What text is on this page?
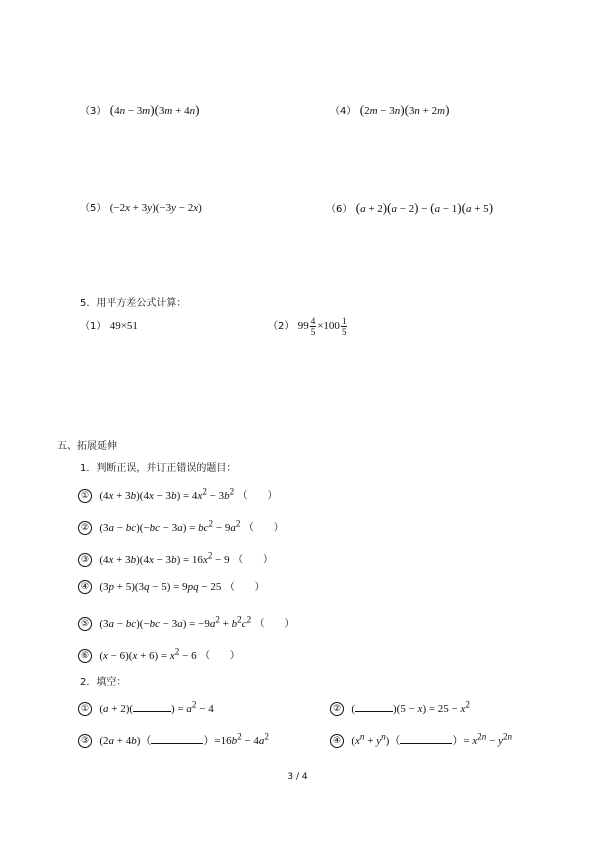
（3） (4n − 3m)(3m + 4n)	（4） (2m − 3n)(3n + 2m)
（5） (−2x + 3y)(−3y − 2x)	（6） (a + 2)(a − 2) − (a − 1)(a + 5)
5．用平方差公式计算：
（1） 49×51	（2） $99 \frac{4}{5} \times 100 \frac{1}{5}$
五、拓展延伸
1．判断正误，并订正错误的题目：
① $(4x + 3b)(4x - 3b) = 4x^2 - 3b^2$ （　　）
② $(3a - bc)(-bc - 3a) = bc^2 - 9a^2$ （　　）
③ $(4x + 3b)(4x - 3b) = 16x^2 - 9$ （　　）
④ (3p + 5)(3q − 5) = 9pq − 25 （　　）
⑤ $(3a - bc)(-bc - 3a) = -9a^2 + b^2c^2$ （　　）
⑥ $(x - 6)(x + 6) = x^2 - 6$ （　　）
2．填空：
① (a + 2)(	) = $a^2 - 4$	② (	)$(5 - x) = 25 - x^2$
③ (2a + 4b)（	）$=16b^2 - 4a^2$	④ $(x^n + y^n)$（	）= $x^{2n} - y^{2n}$
3 / 4
